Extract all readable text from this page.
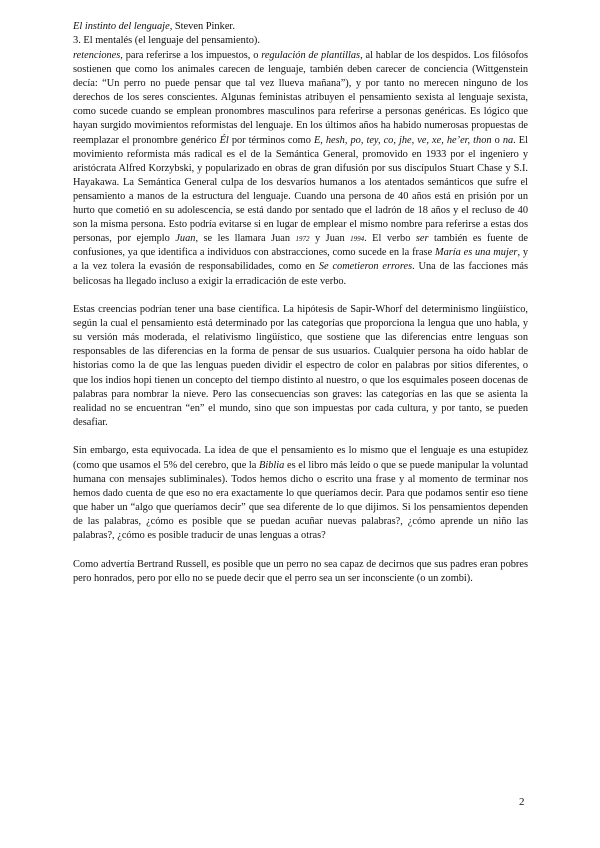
El instinto del lenguaje, Steven Pinker.
3. El mentalés (el lenguaje del pensamiento).

retenciones, para referirse a los impuestos, o regulación de plantillas, al hablar de los despidos. Los filósofos sostienen que como los animales carecen de lenguaje, también deben carecer de conciencia (Wittgenstein decía: “Un perro no puede pensar que tal vez llueva mañana”), y por tanto no merecen ninguno de los derechos de los seres conscientes. Algunas feministas atribuyen el pensamiento sexista al lenguaje sexista, como sucede cuando se emplean pronombres masculinos para referirse a personas genéricas. Es lógico que hayan surgido movimientos reformistas del lenguaje. En los últimos años ha habido numerosas propuestas de reemplazar el pronombre genérico Él por términos como E, hesh, po, tey, co, jhe, ve, xe, he’er, thon o na. El movimiento reformista más radical es el de la Semántica General, promovido en 1933 por el ingeniero y aristócrata Alfred Korzybski, y popularizado en obras de gran difusión por sus discípulos Stuart Chase y S.I. Hayakawa. La Semántica General culpa de los desvaríos humanos a los atentados semánticos que sufre el pensamiento a manos de la estructura del lenguaje. Cuando una persona de 40 años está en prisión por un hurto que cometió en su adolescencia, se está dando por sentado que el ladrón de 18 años y el recluso de 40 son la misma persona. Esto podría evitarse si en lugar de emplear el mismo nombre para referirse a estas dos personas, por ejemplo Juan, se les llamara Juan 1972 y Juan 1994. El verbo ser también es fuente de confusiones, ya que identifica a individuos con abstracciones, como sucede en la frase María es una mujer, y a la vez tolera la evasión de responsabilidades, como en Se cometieron errores. Una de las facciones más belicosas ha llegado incluso a exigir la erradicación de este verbo.

Estas creencias podrían tener una base científica. La hipótesis de Sapir-Whorf del determinismo lingüístico, según la cual el pensamiento está determinado por las categorías que proporciona la lengua que uno habla, y su versión más moderada, el relativismo lingüístico, que sostiene que las diferencias entre lenguas son responsables de las diferencias en la forma de pensar de sus usuarios. Cualquier persona ha oído hablar de historias como la de que las lenguas pueden dividir el espectro de color en palabras por sitios diferentes, o que los indios hopi tienen un concepto del tiempo distinto al nuestro, o que los esquimales poseen docenas de palabras para nombrar la nieve. Pero las consecuencias son graves: las categorías en las que se asienta la realidad no se encuentran “en” el mundo, sino que son impuestas por cada cultura, y por tanto, se pueden desafiar.

Sin embargo, esta equivocada. La idea de que el pensamiento es lo mismo que el lenguaje es una estupidez (como que usamos el 5% del cerebro, que la Biblia es el libro más leído o que se puede manipular la voluntad humana con mensajes subliminales). Todos hemos dicho o escrito una frase y al momento de terminar nos hemos dado cuenta de que eso no era exactamente lo que queríamos decir. Para que podamos sentir eso tiene que haber un “algo que queríamos decir” que sea diferente de lo que dijimos. Si los pensamientos dependen de las palabras, ¿cómo es posible que se puedan acuñar nuevas palabras?, ¿cómo aprende un niño las palabras?, ¿cómo es posible traducir de unas lenguas a otras?

Como advertía Bertrand Russell, es posible que un perro no sea capaz de decirnos que sus padres eran pobres pero honrados, pero por ello no se puede decir que el perro sea un ser inconsciente (o un zombi).

2
